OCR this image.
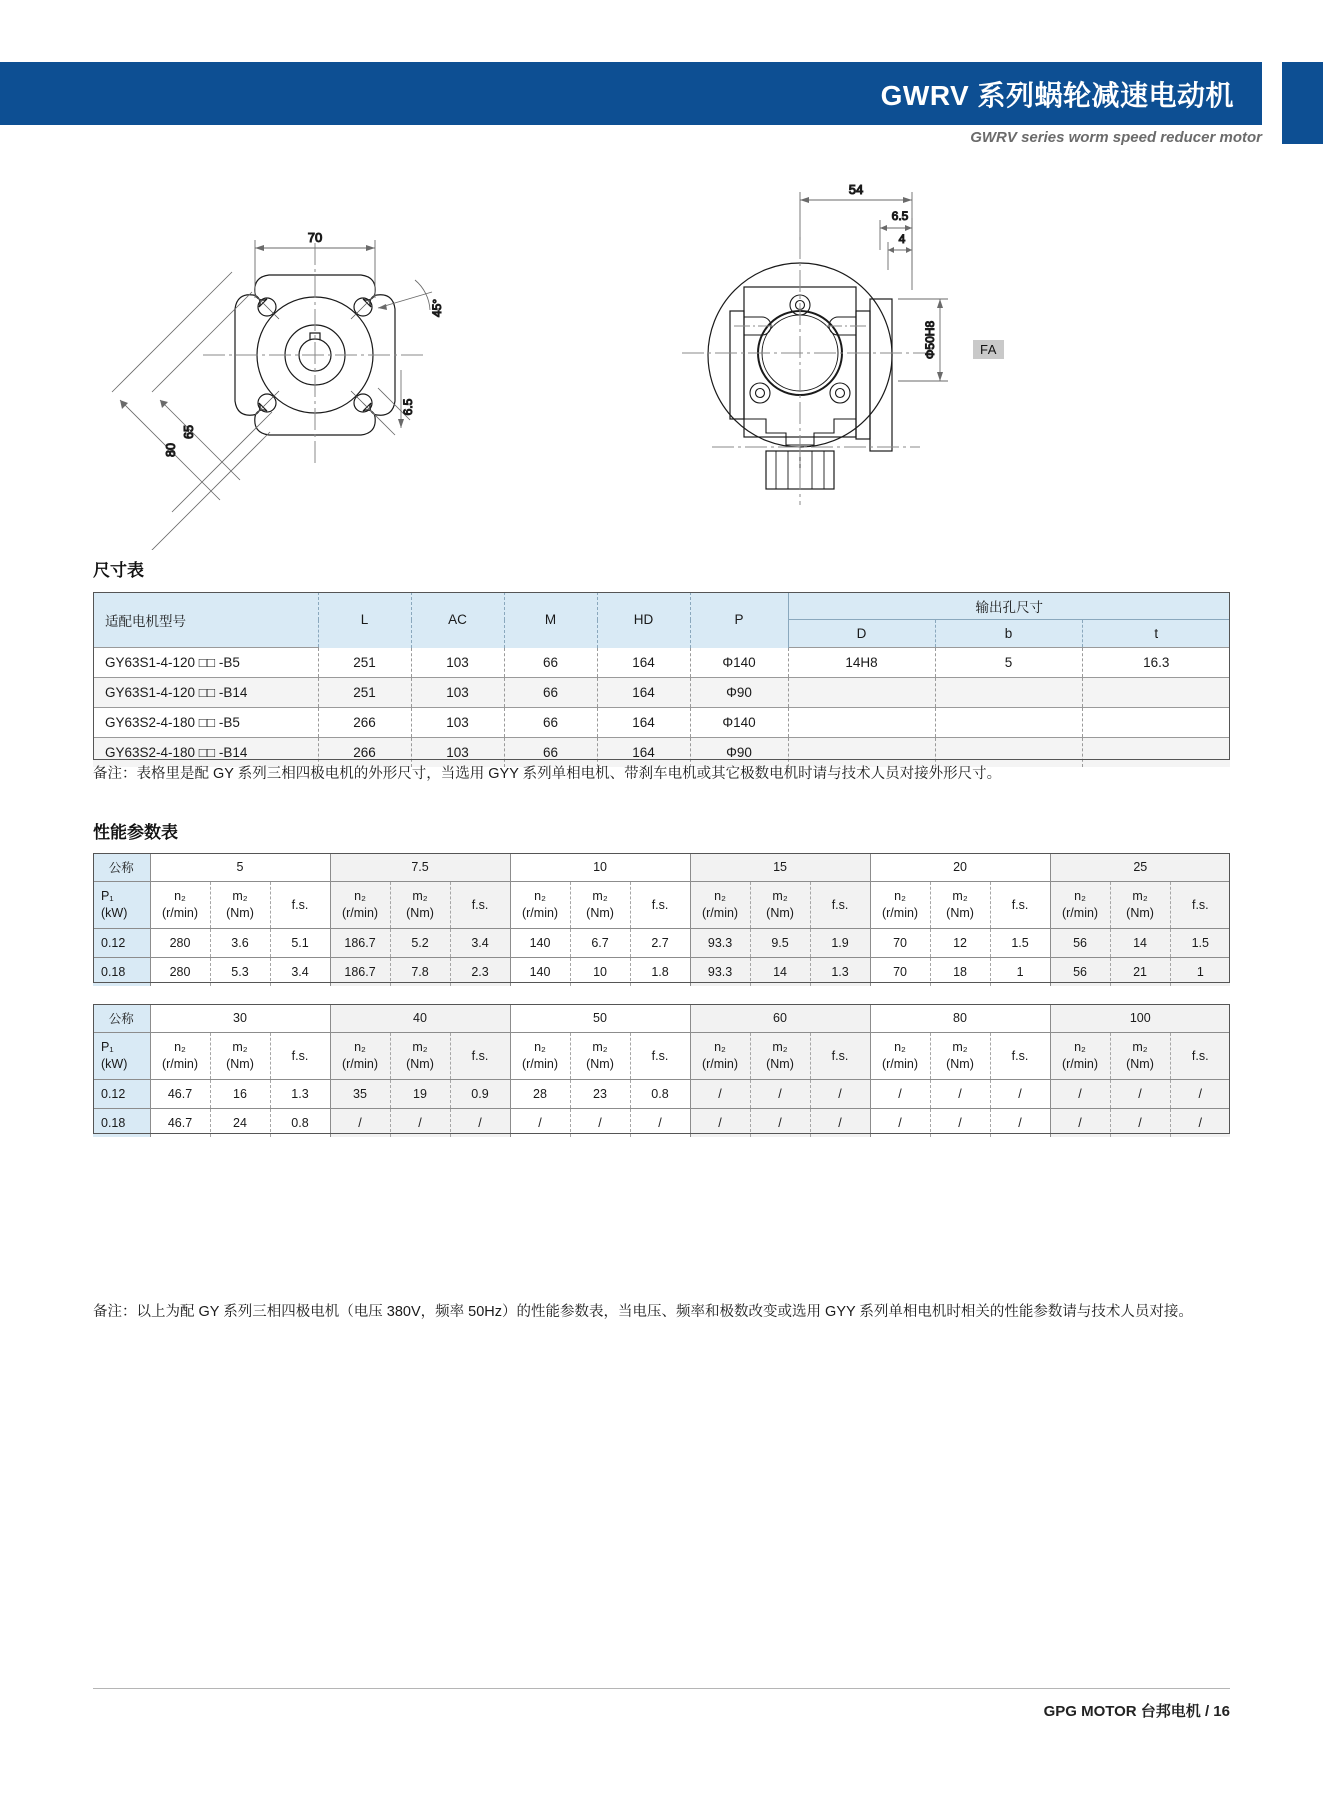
GWRV 系列蜗轮减速电动机
GWRV series worm speed reducer motor
70
65
80
45°
6.5
54
6.5
4
Φ50H8	FA
尺寸表
适配电机型号	L	AC	M	HD	P	输出孔尺寸		
						D	b	t
GY63S1-4-120 □□ -B5	251	103	66	164	Φ140	14H8	5	16.3
GY63S1-4-120 □□ -B14	251	103	66	164	Φ90			
GY63S2-4-180 □□ -B5	266	103	66	164	Φ140			
GY63S2-4-180 □□ -B14	266	103	66	164	Φ90			
备注：表格里是配 GY 系列三相四极电机的外形尺寸，当选用 GYY 系列单相电机、带刹车电机或其它极数电机时请与技术人员对接外形尺寸。
性能参数表
公称	5			7.5			10			15			20			25		
P₁
(kW)	n₂
(r/min)	m₂
(Nm)	f.s.	n₂
(r/min)	m₂
(Nm)	f.s.	n₂
(r/min)	m₂
(Nm)	f.s.	n₂
(r/min)	m₂
(Nm)	f.s.	n₂
(r/min)	m₂
(Nm)	f.s.	n₂
(r/min)	m₂
(Nm)	f.s.
0.12	280	3.6	5.1	186.7	5.2	3.4	140	6.7	2.7	93.3	9.5	1.9	70	12	1.5	56	14	1.5
0.18	280	5.3	3.4	186.7	7.8	2.3	140	10	1.8	93.3	14	1.3	70	18	1	56	21	1
公称	30			40			50			60			80			100		
P₁
(kW)	n₂
(r/min)	m₂
(Nm)	f.s.	n₂
(r/min)	m₂
(Nm)	f.s.	n₂
(r/min)	m₂
(Nm)	f.s.	n₂
(r/min)	m₂
(Nm)	f.s.	n₂
(r/min)	m₂
(Nm)	f.s.	n₂
(r/min)	m₂
(Nm)	f.s.
0.12	46.7	16	1.3	35	19	0.9	28	23	0.8	/	/	/	/	/	/	/	/	/
0.18	46.7	24	0.8	/	/	/	/	/	/	/	/	/	/	/	/	/	/	/
备注：以上为配 GY 系列三相四极电机（电压 380V，频率 50Hz）的性能参数表，当电压、频率和极数改变或选用 GYY 系列单相电机时相关的性能参数请与技术人员对接。
GPG MOTOR 台邦电机 / 16
